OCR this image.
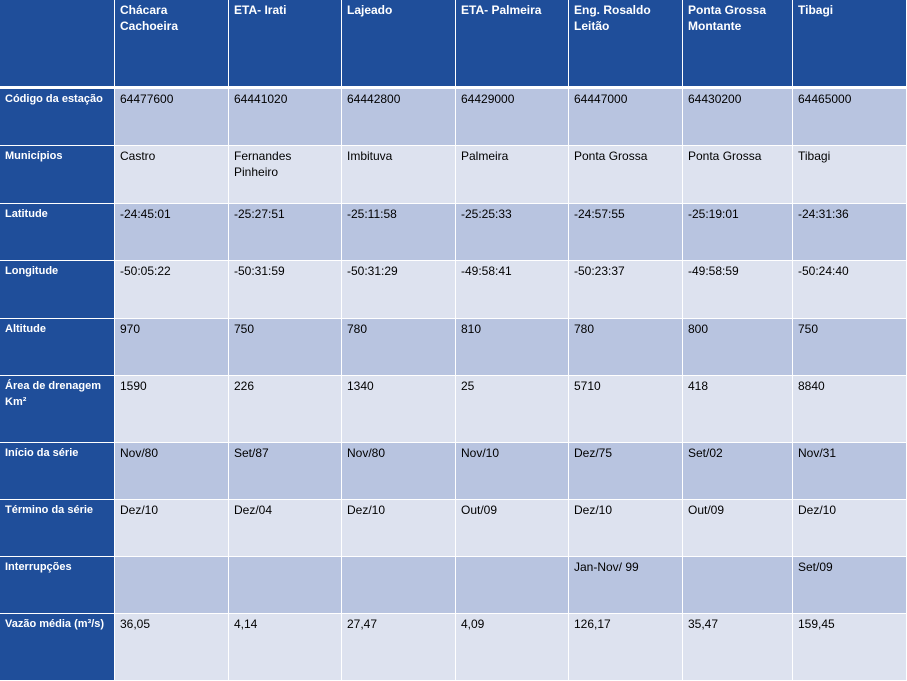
	Chácara Cachoeira	ETA- Irati	Lajeado	ETA- Palmeira	Eng. Rosaldo Leitão	Ponta Grossa Montante	Tibagi
Código da estação	64477600	64441020	64442800	64429000	64447000	64430200	64465000
Municípios	Castro	Fernandes Pinheiro	Imbituva	Palmeira	Ponta Grossa	Ponta Grossa	Tibagi
Latitude	-24:45:01	-25:27:51	-25:11:58	-25:25:33	-24:57:55	-25:19:01	-24:31:36
Longitude	-50:05:22	-50:31:59	-50:31:29	-49:58:41	-50:23:37	-49:58:59	-50:24:40
Altitude	970	750	780	810	780	800	750
Área de drenagem Km²	1590	226	1340	25	5710	418	8840
Início da série	Nov/80	Set/87	Nov/80	Nov/10	Dez/75	Set/02	Nov/31
Término da série	Dez/10	Dez/04	Dez/10	Out/09	Dez/10	Out/09	Dez/10
Interrupções					Jan-Nov/ 99		Set/09
Vazão média (m³/s)	36,05	4,14	27,47	4,09	126,17	35,47	159,45
